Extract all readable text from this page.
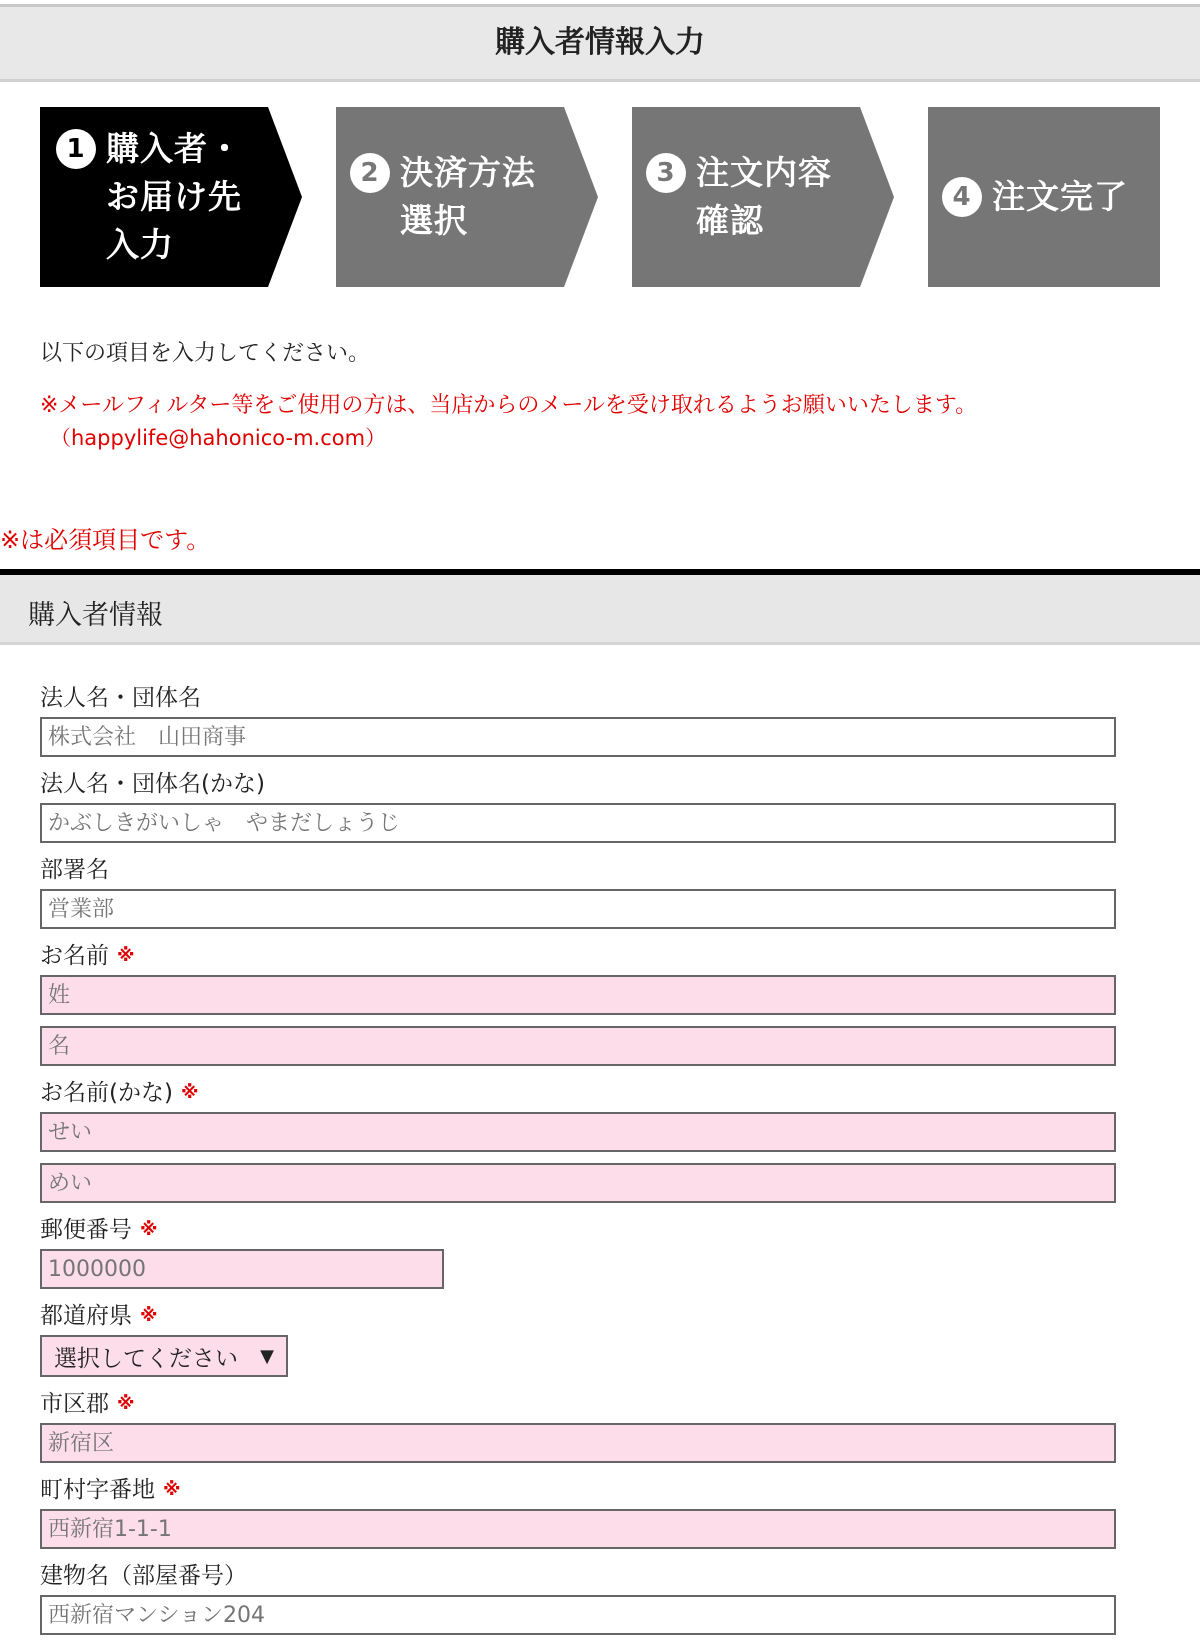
購入者情報入力
1 購入者・
お届け先
入力
2 決済方法
選択
3 注文内容
確認
4 注文完了
以下の項目を入力してください。
※メールフィルター等をご使用の方は、当店からのメールを受け取れるようお願いいたします。
（happylife@hahonico-m.com）
※は必須項目です。
購入者情報
法人名・団体名
株式会社　山田商事
法人名・団体名(かな)
かぶしきがいしゃ　やまだしょうじ
部署名
営業部
お名前 ※
姓
名
お名前(かな) ※
せい
めい
郵便番号 ※
1000000
都道府県 ※
選択してください ▼
市区郡 ※
新宿区
町村字番地 ※
西新宿1-1-1
建物名（部屋番号）
西新宿マンション204
